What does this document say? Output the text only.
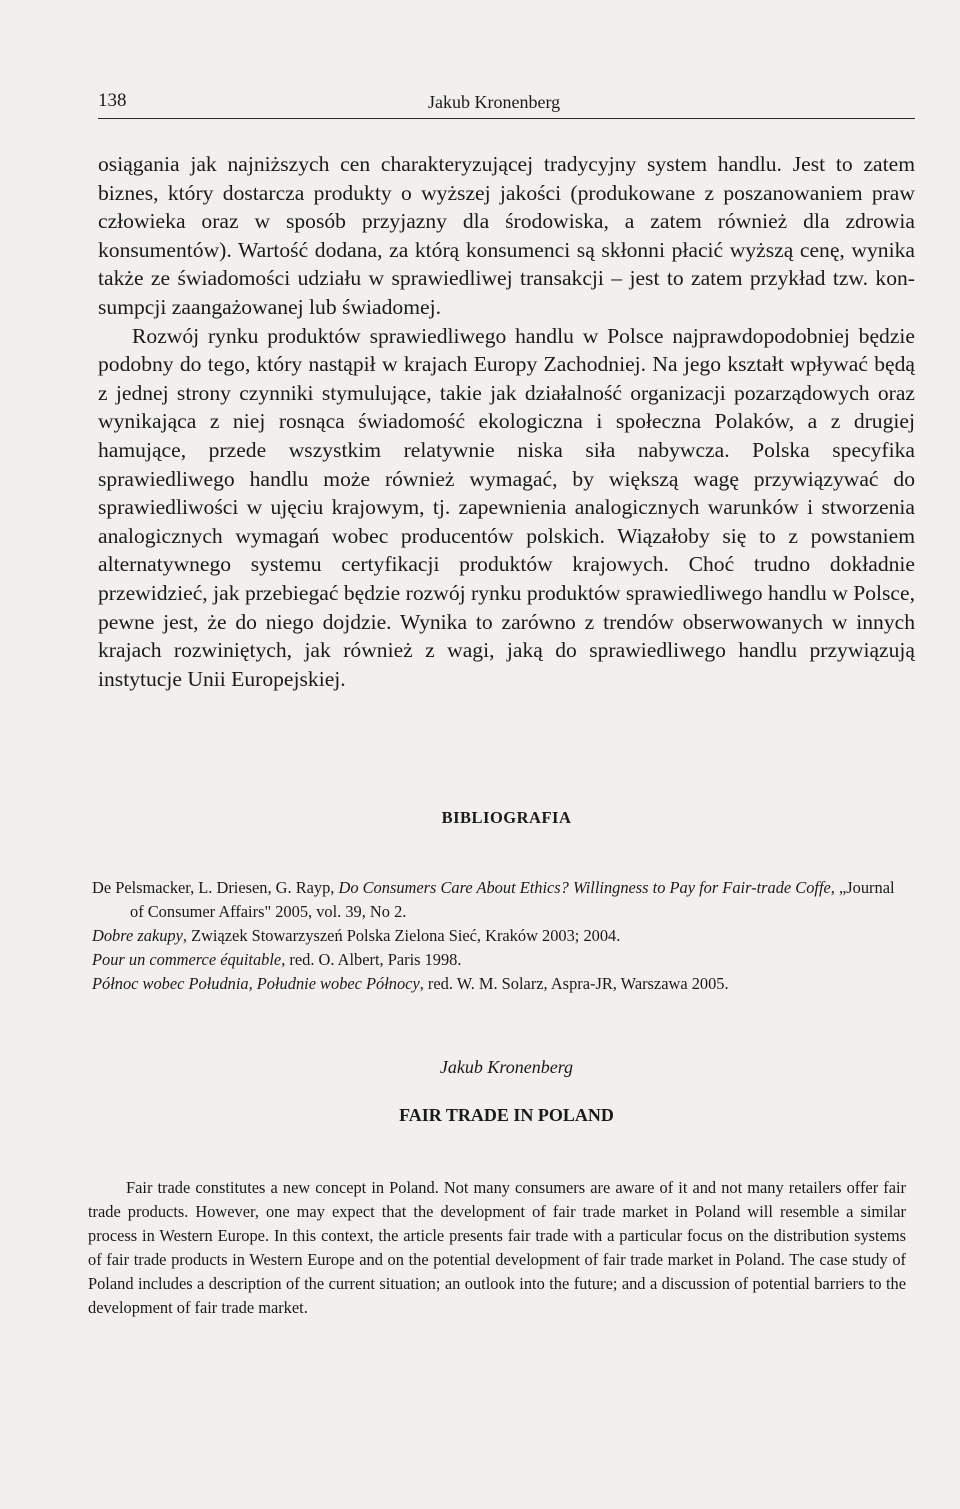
138	Jakub Kronenberg

osiągania jak najniższych cen charakteryzującej tradycyjny system handlu. Jest to zatem biznes, który dostarcza produkty o wyższej jakości (produkowane z poszanowaniem praw człowieka oraz w sposób przyjazny dla środowiska, a zatem również dla zdrowia konsumentów). Wartość dodana, za którą konsumenci są skłonni płacić wyższą cenę, wynika także ze świadomości udziału w sprawiedliwej transakcji – jest to zatem przykład tzw. konsumpcji zaangażowanej lub świadomej.

Rozwój rynku produktów sprawiedliwego handlu w Polsce najprawdopodobniej będzie podobny do tego, który nastąpił w krajach Europy Zachodniej. Na jego kształt wpływać będą z jednej strony czynniki stymulujące, takie jak działalność organizacji pozarządowych oraz wynikająca z niej rosnąca świadomość ekologiczna i społeczna Polaków, a z drugiej hamujące, przede wszystkim relatywnie niska siła nabywcza. Polska specyfika sprawiedliwego handlu może również wymagać, by większą wagę przywiązywać do sprawiedliwości w ujęciu krajowym, tj. zapewnienia analogicznych warunków i stworzenia analogicznych wymagań wobec producentów polskich. Wiązałoby się to z powstaniem alternatywnego systemu certyfikacji produktów krajowych. Choć trudno dokładnie przewidzieć, jak przebiegać będzie rozwój rynku produktów sprawiedliwego handlu w Polsce, pewne jest, że do niego dojdzie. Wynika to zarówno z trendów obserwowanych w innych krajach rozwiniętych, jak również z wagi, jaką do sprawiedliwego handlu przywiązują instytucje Unii Europejskiej.

BIBLIOGRAFIA
De Pelsmacker, L. Driesen, G. Rayp, Do Consumers Care About Ethics? Willingness to Pay for Fair-trade Coffe, „Journal of Consumer Affairs" 2005, vol. 39, No 2.
Dobre zakupy, Związek Stowarzyszeń Polska Zielona Sieć, Kraków 2003; 2004.
Pour un commerce équitable, red. O. Albert, Paris 1998.
Północ wobec Południa, Południe wobec Północy, red. W. M. Solarz, Aspra-JR, Warszawa 2005.
Jakub Kronenberg
FAIR TRADE IN POLAND

Fair trade constitutes a new concept in Poland. Not many consumers are aware of it and not many retailers offer fair trade products. However, one may expect that the development of fair trade market in Poland will resemble a similar process in Western Europe. In this context, the article presents fair trade with a particular focus on the distribution systems of fair trade products in Western Europe and on the potential development of fair trade market in Poland. The case study of Poland includes a description of the current situation; an outlook into the future; and a discussion of potential barriers to the development of fair trade market.
